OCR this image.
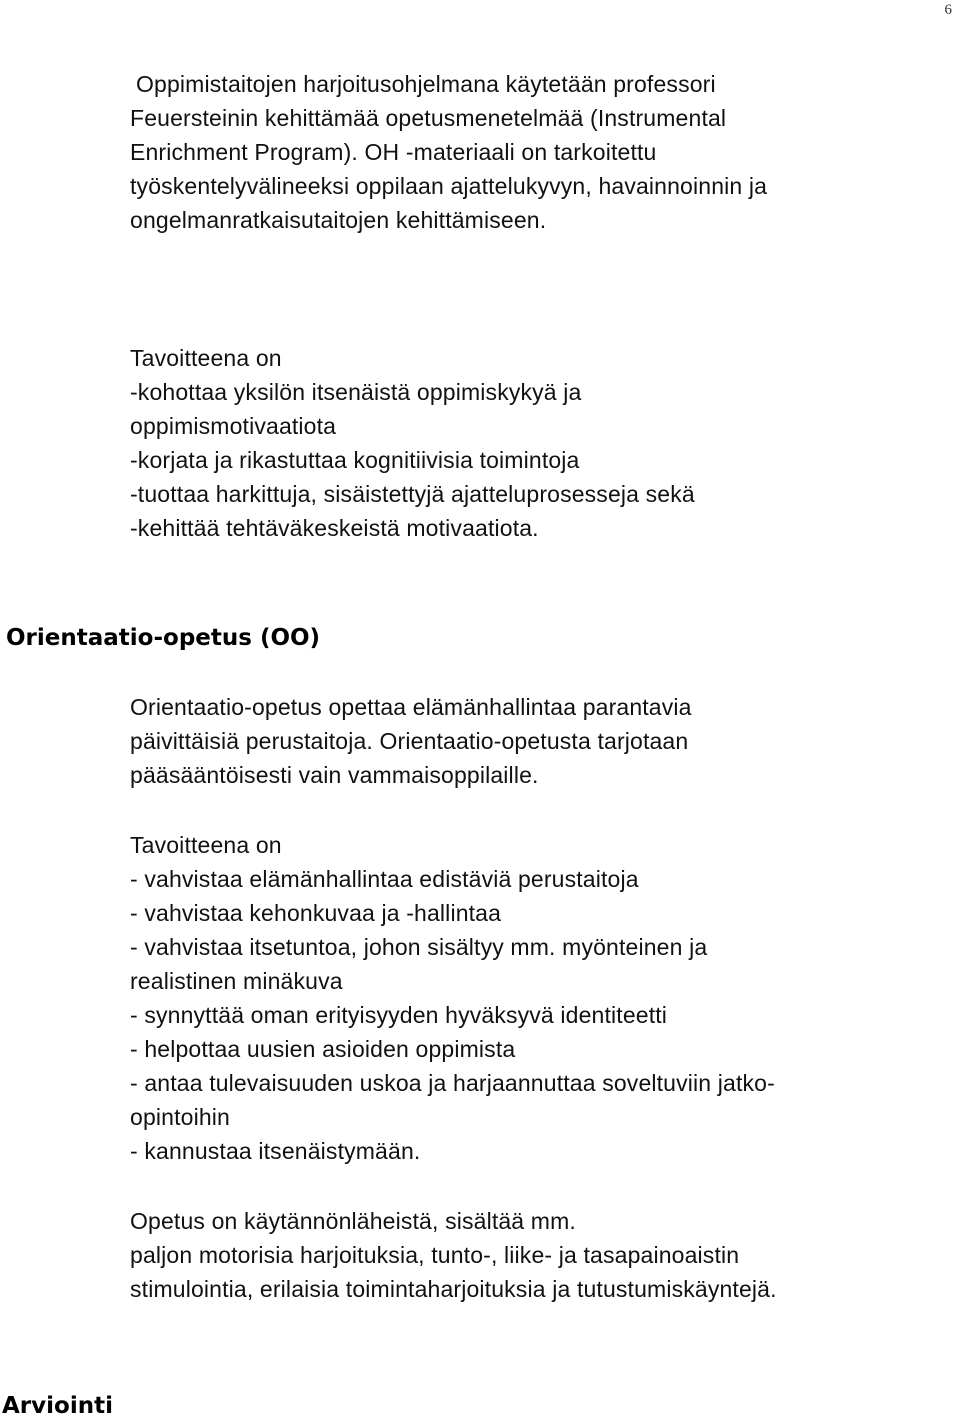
6
Oppimistaitojen harjoitusohjelmana käytetään professori
Feuersteinin kehittämää opetusmenetelmää (Instrumental
Enrichment Program). OH -materiaali on tarkoitettu
työskentelyvälineeksi oppilaan ajattelukyvyn, havainnoinnin ja
ongelmanratkaisutaitojen kehittämiseen.
Tavoitteena on
-kohottaa yksilön itsenäistä oppimiskykyä ja
oppimismotivaatiota
-korjata ja rikastuttaa kognitiivisia toimintoja
-tuottaa harkittuja, sisäistettyjä ajatteluprosesseja sekä
-kehittää tehtäväkeskeistä motivaatiota.
Orientaatio-opetus (OO)
Orientaatio-opetus opettaa elämänhallintaa parantavia
päivittäisiä perustaitoja. Orientaatio-opetusta tarjotaan
pääsääntöisesti vain vammaisoppilaille.
Tavoitteena on
- vahvistaa elämänhallintaa edistäviä perustaitoja
- vahvistaa kehonkuvaa ja -hallintaa
- vahvistaa itsetuntoa, johon sisältyy mm. myönteinen ja
realistinen minäkuva
- synnyttää oman erityisyyden hyväksyvä identiteetti
- helpottaa uusien asioiden oppimista
- antaa tulevaisuuden uskoa ja harjaannuttaa soveltuviin jatko-
opintoihin
- kannustaa itsenäistymään.
Opetus on käytännönläheistä, sisältää mm.
paljon motorisia harjoituksia, tunto-, liike- ja tasapainoaistin
stimulointia, erilaisia toimintaharjoituksia ja tutustumiskäyntejä.
Arviointi
